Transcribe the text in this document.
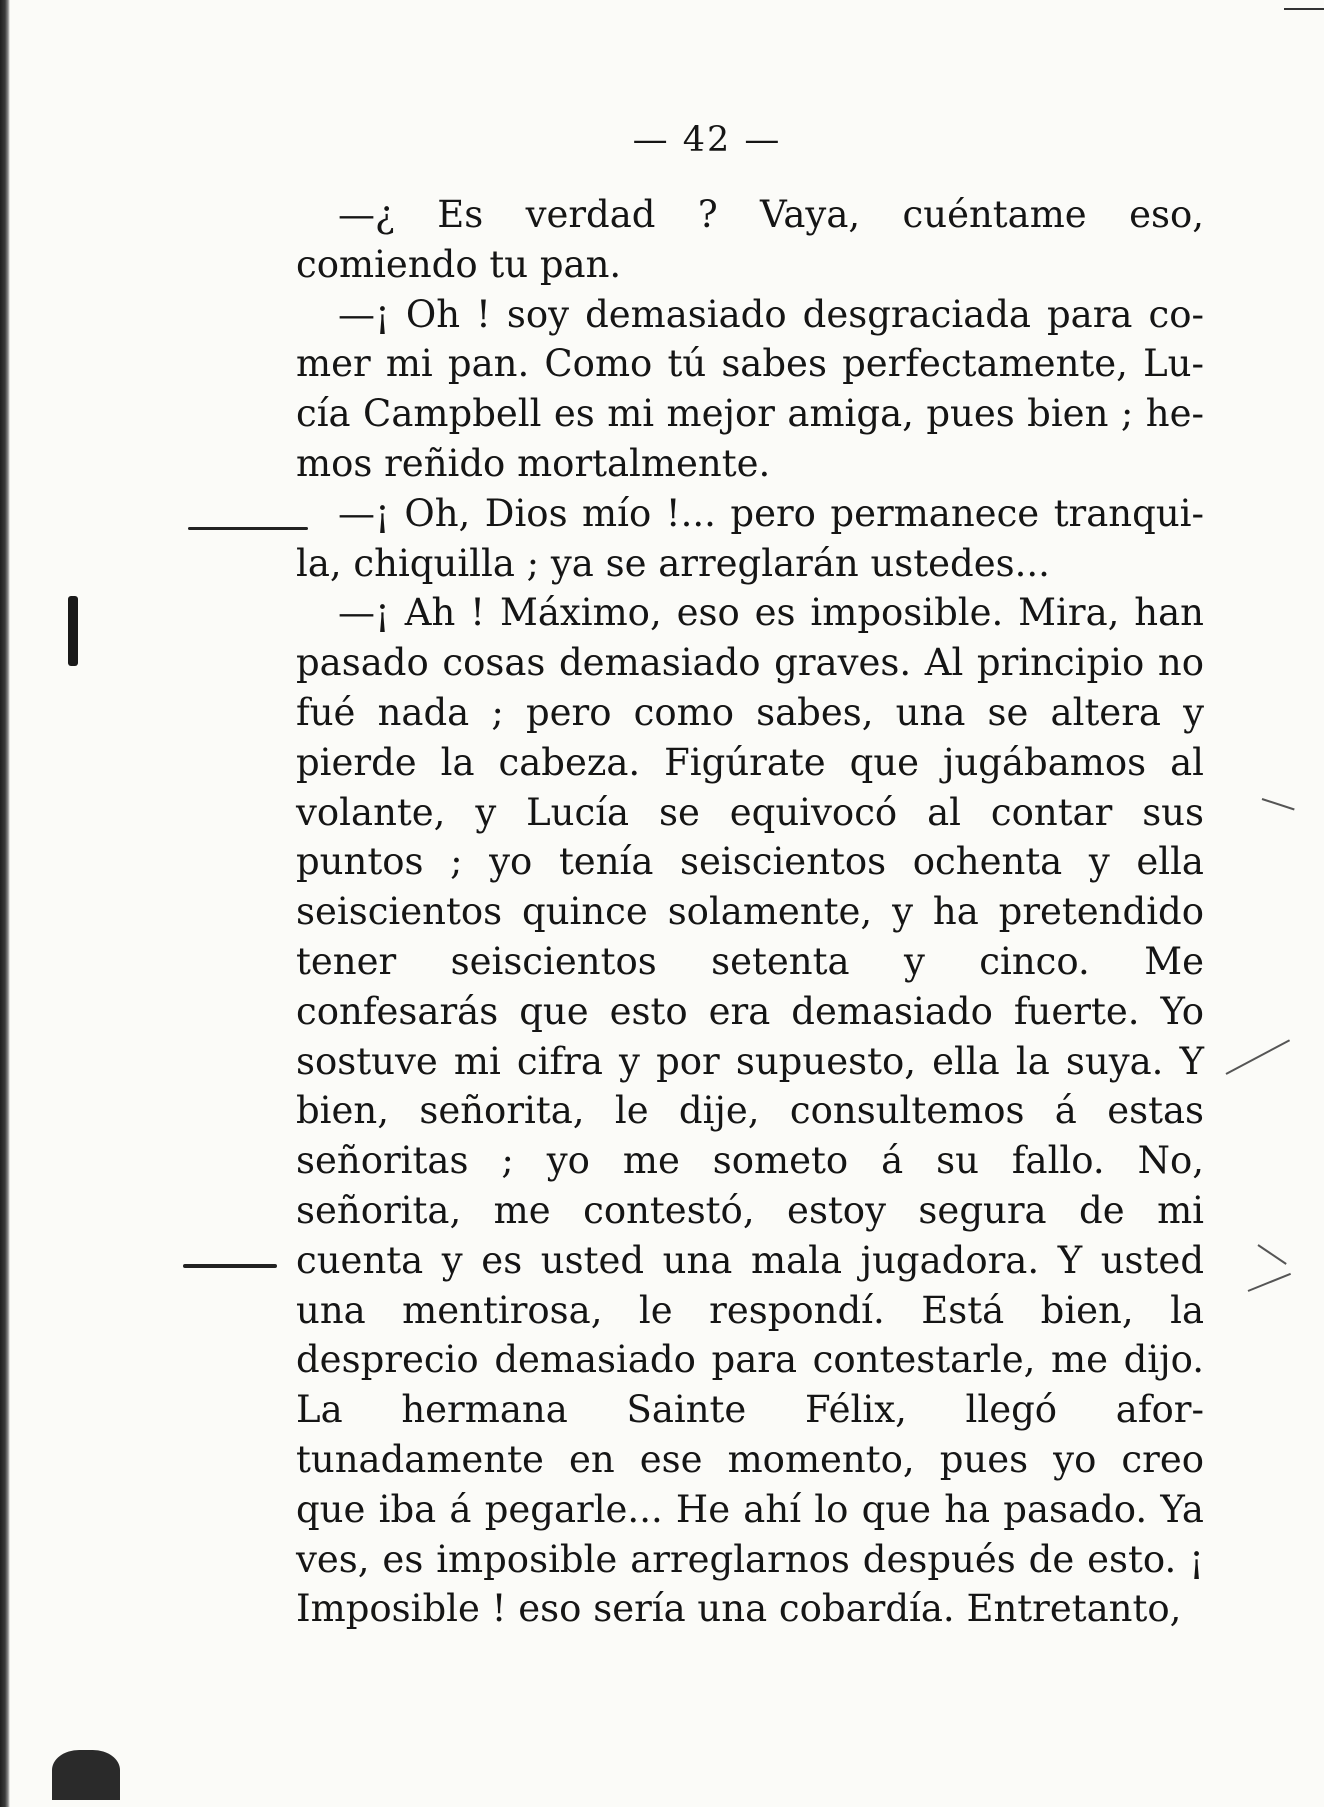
— 42 —

—¿ Es verdad ? Vaya, cuéntame eso, comiendo tu pan.

—¡ Oh ! soy demasiado desgraciada para comer mi pan. Como tú sabes perfectamente, Lucía Campbell es mi mejor amiga, pues bien ; hemos reñido mortalmente.

—¡ Oh, Dios mío !... pero permanece tranquila, chiquilla ; ya se arreglarán ustedes...

—¡ Ah ! Máximo, eso es imposible. Mira, han pasado cosas demasiado graves. Al principio no fué nada ; pero como sabes, una se altera y pierde la cabeza. Figúrate que jugábamos al volante, y Lucía se equivocó al contar sus puntos ; yo tenía seiscientos ochenta y ella seiscientos quince solamente, y ha pretendido tener seiscientos setenta y cinco. Me confesarás que esto era demasiado fuerte. Yo sostuve mi cifra y por supuesto, ella la suya. Y bien, señorita, le dije, consultemos á estas señoritas ; yo me someto á su fallo. No, señorita, me contestó, estoy segura de mi cuenta y es usted una mala jugadora. Y usted una mentirosa, le respondí. Está bien, la desprecio demasiado para contestarle, me dijo. La hermana Sainte Félix, llegó afortunadamente en ese momento, pues yo creo que iba á pegarle... He ahí lo que ha pasado. Ya ves, es imposible arreglarnos después de esto. ¡ Imposible ! eso sería una cobardía. Entretanto,
